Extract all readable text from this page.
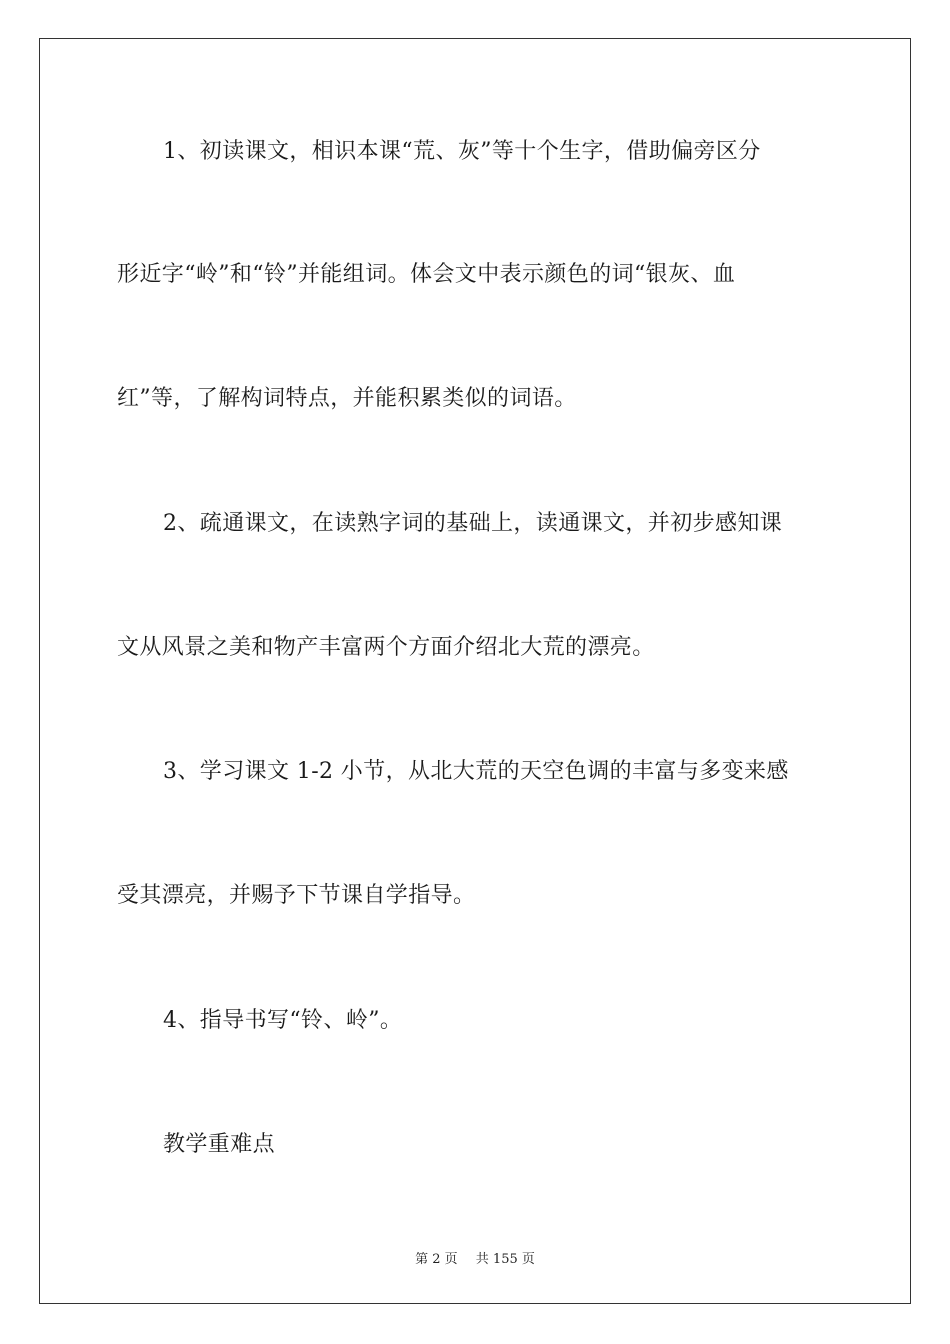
1、初读课文，相识本课“荒、灰”等十个生字，借助偏旁区分
形近字“岭”和“铃”并能组词。体会文中表示颜色的词“银灰、血
红”等，了解构词特点，并能积累类似的词语。
2、疏通课文，在读熟字词的基础上，读通课文，并初步感知课
文从风景之美和物产丰富两个方面介绍北大荒的漂亮。
3、学习课文 1-2 小节，从北大荒的天空色调的丰富与多变来感
受其漂亮，并赐予下节课自学指导。
4、指导书写“铃、岭”。
教学重难点
第 2 页 共 155 页
